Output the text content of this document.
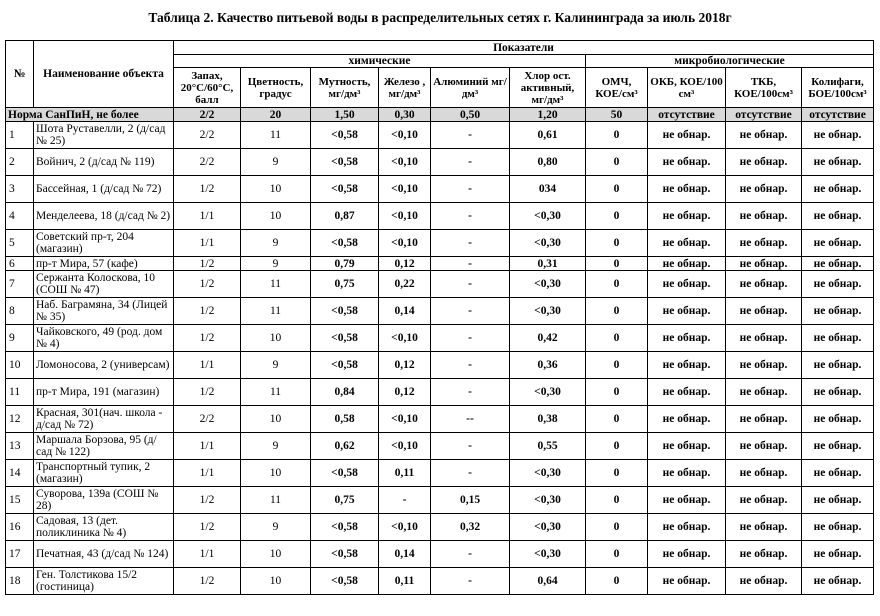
Таблица 2. Качество питьевой воды в распределительных сетях г. Калининграда за июль 2018г
№	Наименование объекта	Показатели									
		химические						микробиологические			
		Запах, 20°С/60°С, балл	Цветность, градус	Мутность, мг/дм³	Железо , мг/дм³	Алюминий мг/дм³	Хлор ост. активный, мг/дм³	ОМЧ, КОЕ/см³	ОКБ, КОЕ/100 см³	ТКБ, КОЕ/100см³	Колифаги, БОЕ/100см³
Норма СанПиН, не более		2/2	20	1,50	0,30	0,50	1,20	50	отсутствие	отсутствие	отсутствие
1	Шота Руставелли, 2 (д/сад № 25)	2/2	11	<0,58	<0,10	-	0,61	0	не обнар.	не обнар.	не обнар.
2	Войнич, 2 (д/сад № 119)	2/2	9	<0,58	<0,10	-	0,80	0	не обнар.	не обнар.	не обнар.
3	Бассейная, 1 (д/сад № 72)	1/2	10	<0,58	<0,10	-	034	0	не обнар.	не обнар.	не обнар.
4	Менделеева, 18 (д/сад № 2)	1/1	10	0,87	<0,10	-	<0,30	0	не обнар.	не обнар.	не обнар.
5	Советский пр-т, 204 (магазин)	1/1	9	<0,58	<0,10	-	<0,30	0	не обнар.	не обнар.	не обнар.
6	пр-т Мира, 57 (кафе)	1/2	9	0,79	0,12	-	0,31	0	не обнар.	не обнар.	не обнар.
7	Сержанта Колоскова, 10 (СОШ № 47)	1/2	11	0,75	0,22	-	<0,30	0	не обнар.	не обнар.	не обнар.
8	Наб. Баграмяна, 34 (Лицей № 35)	1/2	11	<0,58	0,14	-	<0,30	0	не обнар.	не обнар.	не обнар.
9	Чайковского, 49 (род. дом № 4)	1/2	10	<0,58	<0,10	-	0,42	0	не обнар.	не обнар.	не обнар.
10	Ломоносова, 2 (универсам)	1/1	9	<0,58	0,12	-	0,36	0	не обнар.	не обнар.	не обнар.
11	пр-т Мира, 191 (магазин)	1/2	11	0,84	0,12	-	<0,30	0	не обнар.	не обнар.	не обнар.
12	Красная, 301(нач. школа - д/сад № 72)	2/2	10	0,58	<0,10	--	0,38	0	не обнар.	не обнар.	не обнар.
13	Маршала Борзова, 95 (д/сад № 122)	1/1	9	0,62	<0,10	-	0,55	0	не обнар.	не обнар.	не обнар.
14	Транспортный тупик, 2 (магазин)	1/1	10	<0,58	0,11	-	<0,30	0	не обнар.	не обнар.	не обнар.
15	Суворова, 139а (СОШ № 28)	1/2	11	0,75	-	0,15	<0,30	0	не обнар.	не обнар.	не обнар.
16	Садовая, 13 (дет. поликлиника № 4)	1/2	9	<0,58	<0,10	0,32	<0,30	0	не обнар.	не обнар.	не обнар.
17	Печатная, 43 (д/сад № 124)	1/1	10	<0,58	0,14	-	<0,30	0	не обнар.	не обнар.	не обнар.
18	Ген. Толстикова 15/2 (гостиница)	1/2	10	<0,58	0,11	-	0,64	0	не обнар.	не обнар.	не обнар.
